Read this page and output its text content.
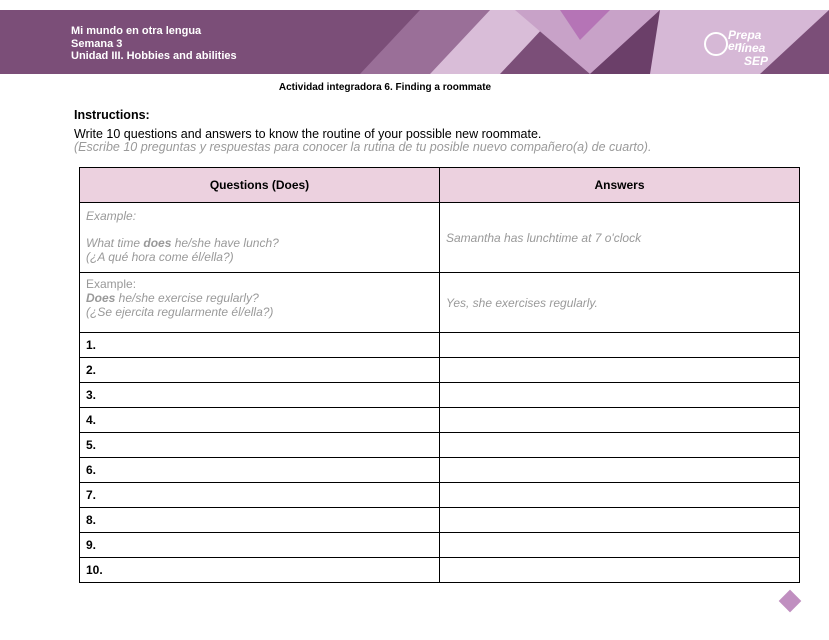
Mi mundo en otra lengua
Semana 3
Unidad III. Hobbies and abilities
Prepa en
línea
SEP
Actividad integradora 6. Finding a roommate
Instructions:
Write 10 questions and answers to know the routine of your possible new roommate.
(Escribe 10 preguntas y respuestas para conocer la rutina de tu posible nuevo compañero(a) de cuarto).
Questions (Does)	Answers

Example:
What time does he/she have lunch?
(¿A qué hora come él/ella?)	Samantha has lunchtime at 7 o'clock

Example:
Does he/she exercise regularly?
(¿Se ejercita regularmente él/ella?)	Yes, she exercises regularly.
1.	
2.	
3.	
4.	
5.	
6.	
7.	
8.	
9.	
10.	
